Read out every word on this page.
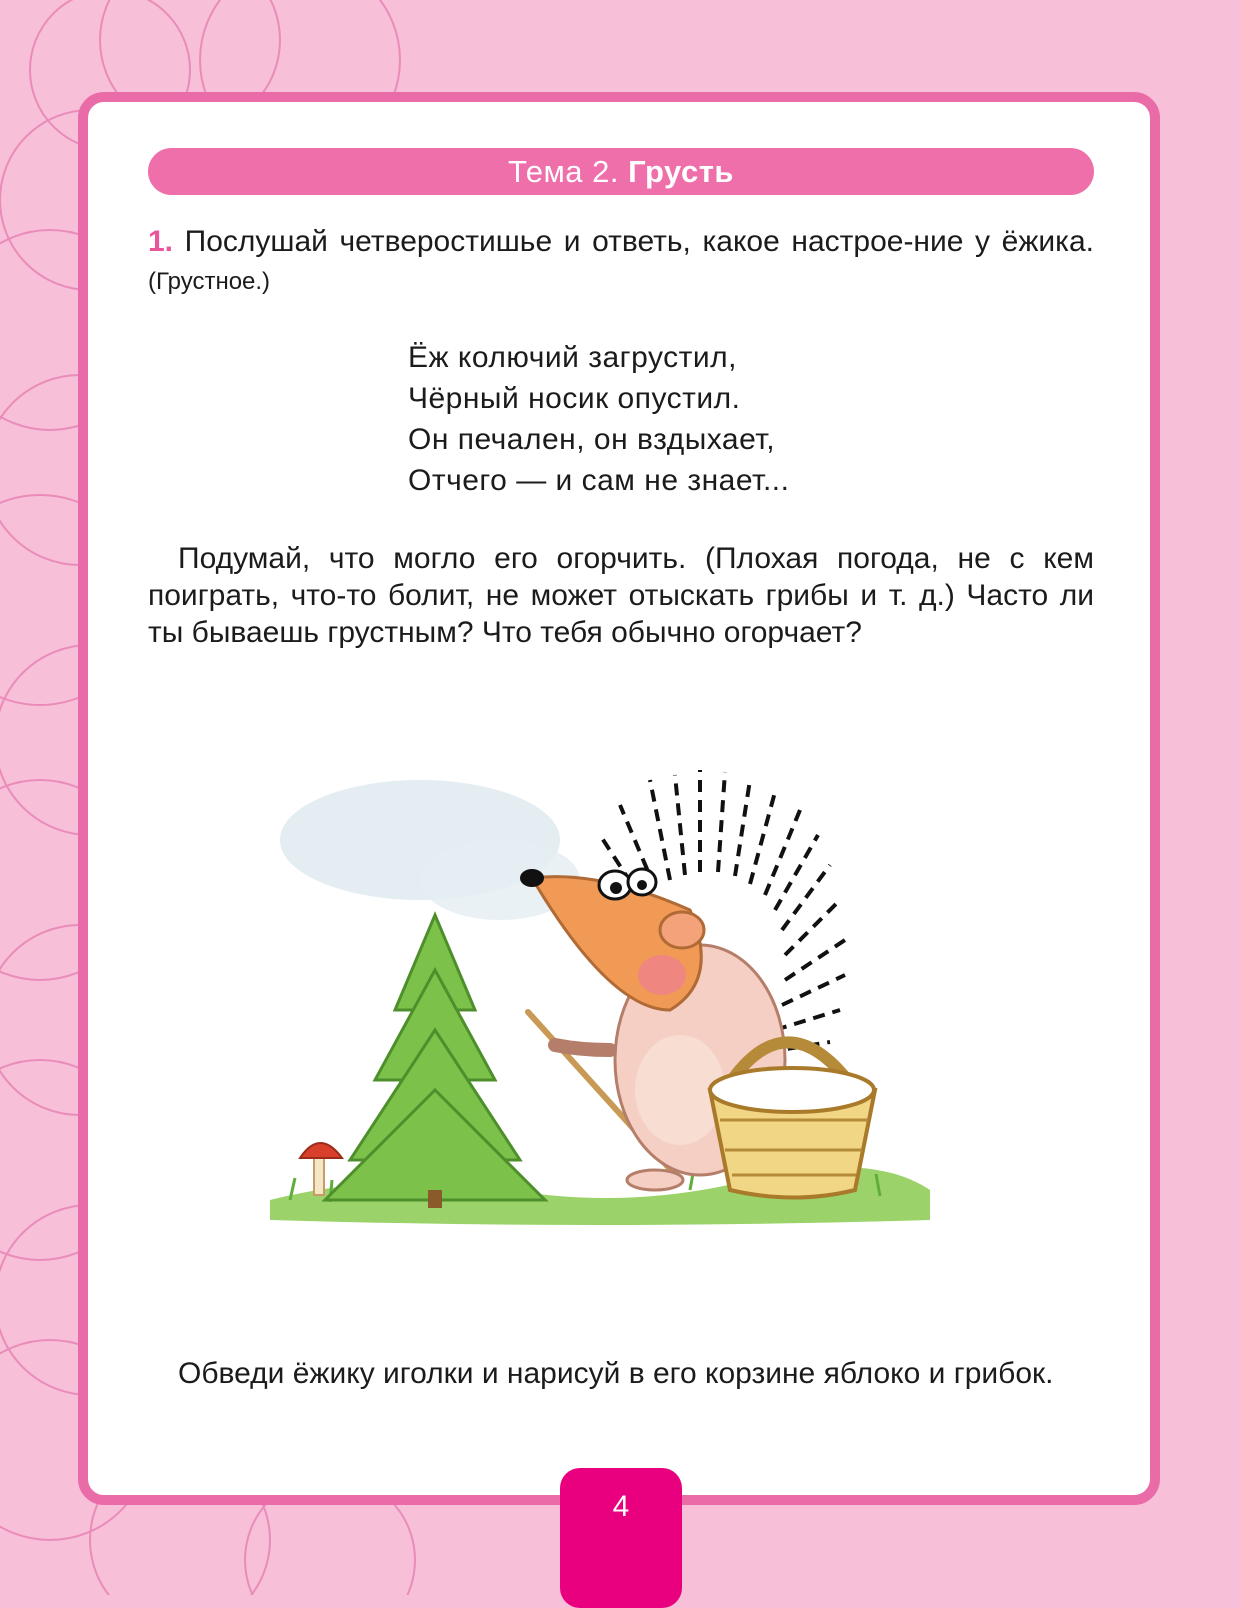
Тема 2. Грусть
1. Послушай четверостишье и ответь, какое настрое-ние у ёжика. (Грустное.)
Ёж колючий загрустил,
Чёрный носик опустил.
Он печален, он вздыхает,
Отчего — и сам не знает...
Подумай, что могло его огорчить. (Плохая погода, не с кем поиграть, что-то болит, не может отыскать грибы и т. д.) Часто ли ты бываешь грустным? Что тебя обычно огорчает?
Обведи ёжику иголки и нарисуй в его корзине яблоко и грибок.
4
